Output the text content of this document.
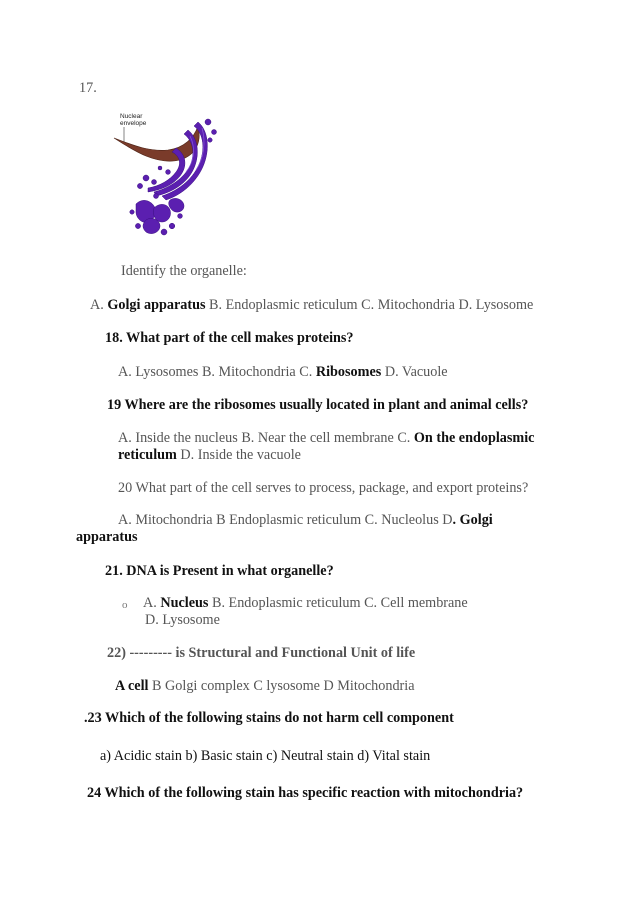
17.
Nuclear
envelope
Identify the organelle:
A. Golgi apparatus B. Endoplasmic reticulum C. Mitochondria D. Lysosome
18. What part of the cell makes proteins?
A. Lysosomes B. Mitochondria C. Ribosomes D. Vacuole
19 Where are the ribosomes usually located in plant and animal cells?
A. Inside the nucleus B. Near the cell membrane C. On the endoplasmic
reticulum D. Inside the vacuole
20 What part of the cell serves to process, package, and export proteins?
A. Mitochondria B Endoplasmic reticulum C. Nucleolus D. Golgi
apparatus
21. DNA is Present in what organelle?
o A. Nucleus B. Endoplasmic reticulum C. Cell membrane
D. Lysosome
22) --------- is Structural and Functional Unit of life
A cell B Golgi complex C lysosome D Mitochondria
.23 Which of the following stains do not harm cell component
a) Acidic stain b) Basic stain c) Neutral stain d) Vital stain
24 Which of the following stain has specific reaction with mitochondria?
